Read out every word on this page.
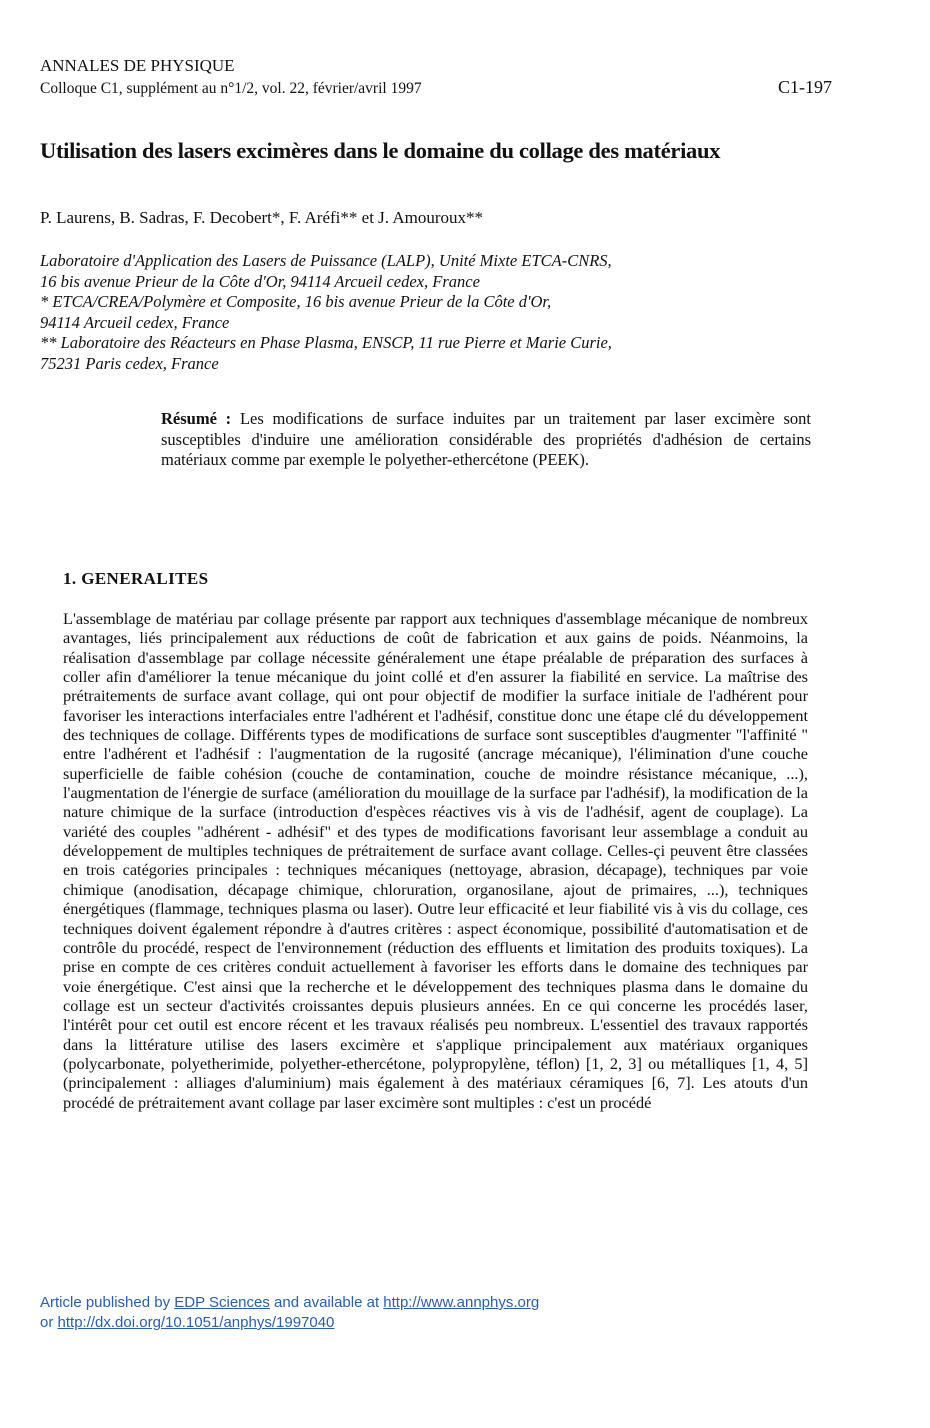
ANNALES DE PHYSIQUE
Colloque C1, supplément au n°1/2, vol. 22, février/avril 1997	C1-197
Utilisation des lasers excimères dans le domaine du collage des matériaux
P. Laurens, B. Sadras, F. Decobert*, F. Aréfi** et J. Amouroux**
Laboratoire d'Application des Lasers de Puissance (LALP), Unité Mixte ETCA-CNRS,
16 bis avenue Prieur de la Côte d'Or, 94114 Arcueil cedex, France
* ETCA/CREA/Polymère et Composite, 16 bis avenue Prieur de la Côte d'Or,
94114 Arcueil cedex, France
** Laboratoire des Réacteurs en Phase Plasma, ENSCP, 11 rue Pierre et Marie Curie,
75231 Paris cedex, France
Résumé : Les modifications de surface induites par un traitement par laser excimère sont susceptibles d'induire une amélioration considérable des propriétés d'adhésion de certains matériaux comme par exemple le polyether-ethercétone (PEEK).
1. GENERALITES

L'assemblage de matériau par collage présente par rapport aux techniques d'assemblage mécanique de nombreux avantages, liés principalement aux réductions de coût de fabrication et aux gains de poids. Néanmoins, la réalisation d'assemblage par collage nécessite généralement une étape préalable de préparation des surfaces à coller afin d'améliorer la tenue mécanique du joint collé et d'en assurer la fiabilité en service. La maîtrise des prétraitements de surface avant collage, qui ont pour objectif de modifier la surface initiale de l'adhérent pour favoriser les interactions interfaciales entre l'adhérent et l'adhésif, constitue donc une étape clé du développement des techniques de collage. Différents types de modifications de surface sont susceptibles d'augmenter "l'affinité " entre l'adhérent et l'adhésif : l'augmentation de la rugosité (ancrage mécanique), l'élimination d'une couche superficielle de faible cohésion (couche de contamination, couche de moindre résistance mécanique, ...), l'augmentation de l'énergie de surface (amélioration du mouillage de la surface par l'adhésif), la modification de la nature chimique de la surface (introduction d'espèces réactives vis à vis de l'adhésif, agent de couplage). La variété des couples "adhérent - adhésif" et des types de modifications favorisant leur assemblage a conduit au développement de multiples techniques de prétraitement de surface avant collage. Celles-çi peuvent être classées en trois catégories principales : techniques mécaniques (nettoyage, abrasion, décapage), techniques par voie chimique (anodisation, décapage chimique, chloruration, organosilane, ajout de primaires, ...), techniques énergétiques (flammage, techniques plasma ou laser). Outre leur efficacité et leur fiabilité vis à vis du collage, ces techniques doivent également répondre à d'autres critères : aspect économique, possibilité d'automatisation et de contrôle du procédé, respect de l'environnement (réduction des effluents et limitation des produits toxiques). La prise en compte de ces critères conduit actuellement à favoriser les efforts dans le domaine des techniques par voie énergétique. C'est ainsi que la recherche et le développement des techniques plasma dans le domaine du collage est un secteur d'activités croissantes depuis plusieurs années. En ce qui concerne les procédés laser, l'intérêt pour cet outil est encore récent et les travaux réalisés peu nombreux. L'essentiel des travaux rapportés dans la littérature utilise des lasers excimère et s'applique principalement aux matériaux organiques (polycarbonate, polyetherimide, polyether-ethercétone, polypropylène, téflon) [1, 2, 3] ou métalliques [1, 4, 5] (principalement : alliages d'aluminium) mais également à des matériaux céramiques [6, 7]. Les atouts d'un procédé de prétraitement avant collage par laser excimère sont multiples : c'est un procédé

Article published by EDP Sciences and available at http://www.annphys.org
or http://dx.doi.org/10.1051/anphys/1997040
